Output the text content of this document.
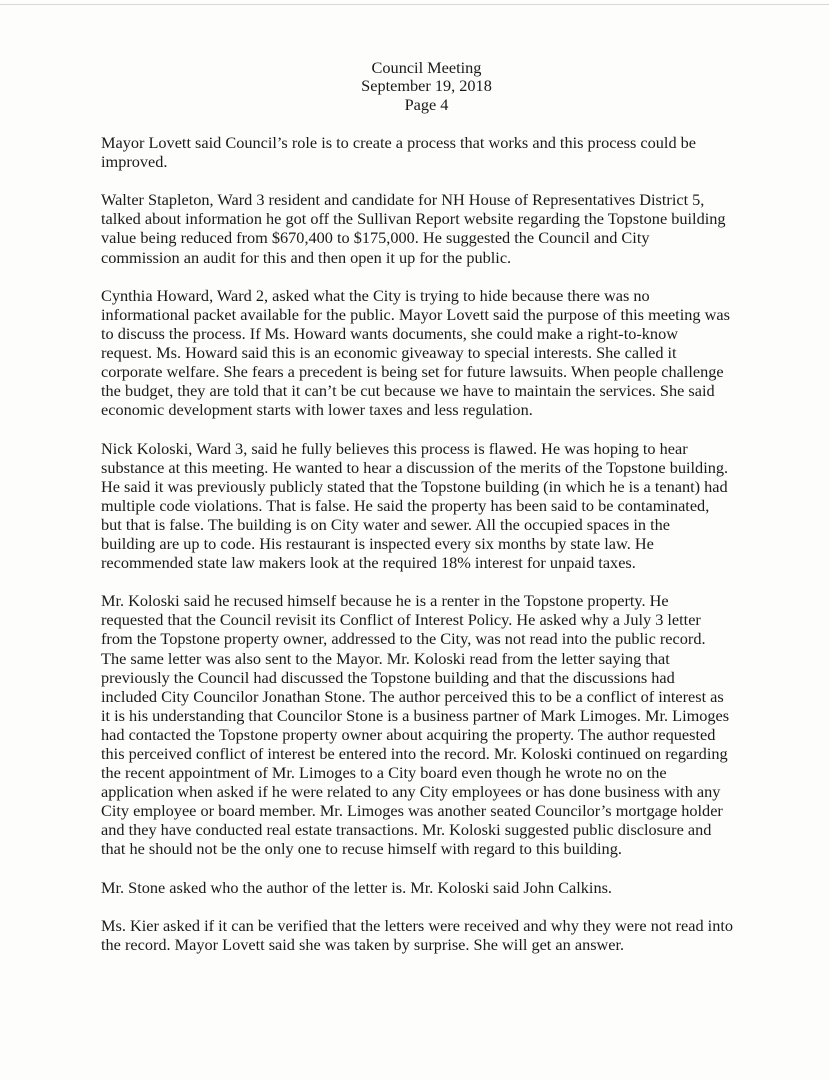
Council Meeting
September 19, 2018
Page 4
Mayor Lovett said Council’s role is to create a process that works and this process could be
improved.
Walter Stapleton, Ward 3 resident and candidate for NH House of Representatives District 5,
talked about information he got off the Sullivan Report website regarding the Topstone building
value being reduced from $670,400 to $175,000. He suggested the Council and City
commission an audit for this and then open it up for the public.
Cynthia Howard, Ward 2, asked what the City is trying to hide because there was no
informational packet available for the public. Mayor Lovett said the purpose of this meeting was
to discuss the process. If Ms. Howard wants documents, she could make a right-to-know
request. Ms. Howard said this is an economic giveaway to special interests. She called it
corporate welfare. She fears a precedent is being set for future lawsuits. When people challenge
the budget, they are told that it can’t be cut because we have to maintain the services. She said
economic development starts with lower taxes and less regulation.
Nick Koloski, Ward 3, said he fully believes this process is flawed. He was hoping to hear
substance at this meeting. He wanted to hear a discussion of the merits of the Topstone building.
He said it was previously publicly stated that the Topstone building (in which he is a tenant) had
multiple code violations. That is false. He said the property has been said to be contaminated,
but that is false. The building is on City water and sewer. All the occupied spaces in the
building are up to code. His restaurant is inspected every six months by state law. He
recommended state law makers look at the required 18% interest for unpaid taxes.
Mr. Koloski said he recused himself because he is a renter in the Topstone property. He
requested that the Council revisit its Conflict of Interest Policy. He asked why a July 3 letter
from the Topstone property owner, addressed to the City, was not read into the public record.
The same letter was also sent to the Mayor. Mr. Koloski read from the letter saying that
previously the Council had discussed the Topstone building and that the discussions had
included City Councilor Jonathan Stone. The author perceived this to be a conflict of interest as
it is his understanding that Councilor Stone is a business partner of Mark Limoges. Mr. Limoges
had contacted the Topstone property owner about acquiring the property. The author requested
this perceived conflict of interest be entered into the record. Mr. Koloski continued on regarding
the recent appointment of Mr. Limoges to a City board even though he wrote no on the
application when asked if he were related to any City employees or has done business with any
City employee or board member. Mr. Limoges was another seated Councilor’s mortgage holder
and they have conducted real estate transactions. Mr. Koloski suggested public disclosure and
that he should not be the only one to recuse himself with regard to this building.
Mr. Stone asked who the author of the letter is. Mr. Koloski said John Calkins.
Ms. Kier asked if it can be verified that the letters were received and why they were not read into
the record. Mayor Lovett said she was taken by surprise. She will get an answer.
